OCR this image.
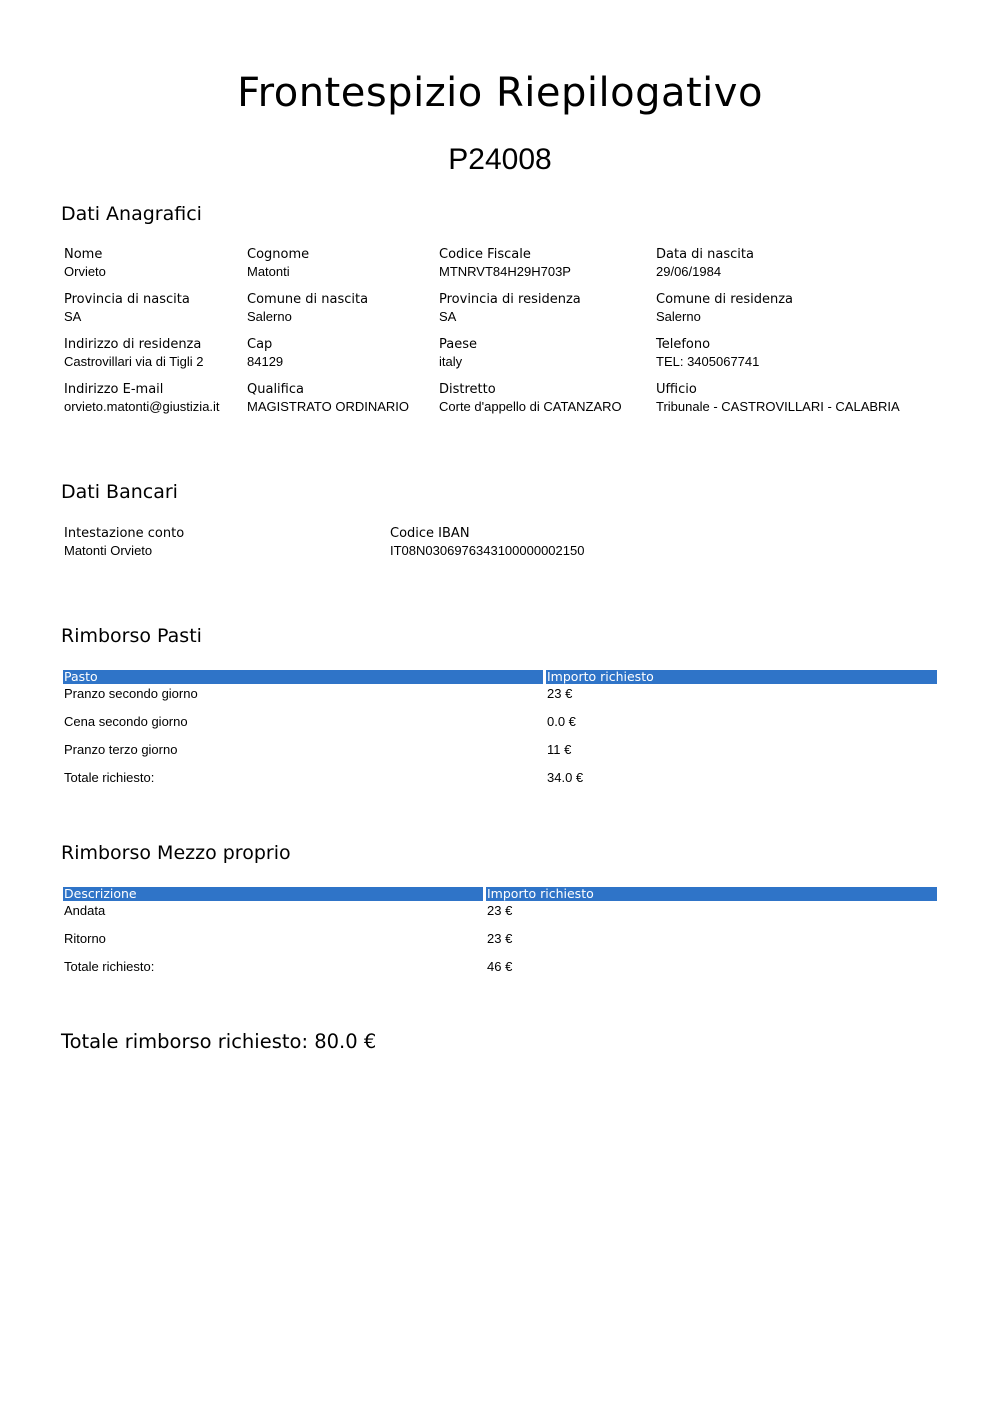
Frontespizio Riepilogativo
P24008
Dati Anagrafici
Nome
Orvieto
Cognome
Matonti
Codice Fiscale
MTNRVT84H29H703P
Data di nascita
29/06/1984
Provincia di nascita
SA
Comune di nascita
Salerno
Provincia di residenza
SA
Comune di residenza
Salerno
Indirizzo di residenza
Castrovillari via di Tigli 2
Cap
84129
Paese
italy
Telefono
TEL: 3405067741
Indirizzo E-mail
orvieto.matonti@giustizia.it
Qualifica
MAGISTRATO ORDINARIO
Distretto
Corte d'appello di CATANZARO
Ufficio
Tribunale - CASTROVILLARI - CALABRIA
Dati Bancari
Intestazione conto
Matonti Orvieto
Codice IBAN
IT08N0306976343100000002150
Rimborso Pasti
Pasto	Importo richiesto
Pranzo secondo giorno	23 €
Cena secondo giorno	0.0 €
Pranzo terzo giorno	11 €
Totale richiesto:	34.0 €
Rimborso Mezzo proprio
Descrizione	Importo richiesto
Andata	23 €
Ritorno	23 €
Totale richiesto:	46 €
Totale rimborso richiesto: 80.0 €
